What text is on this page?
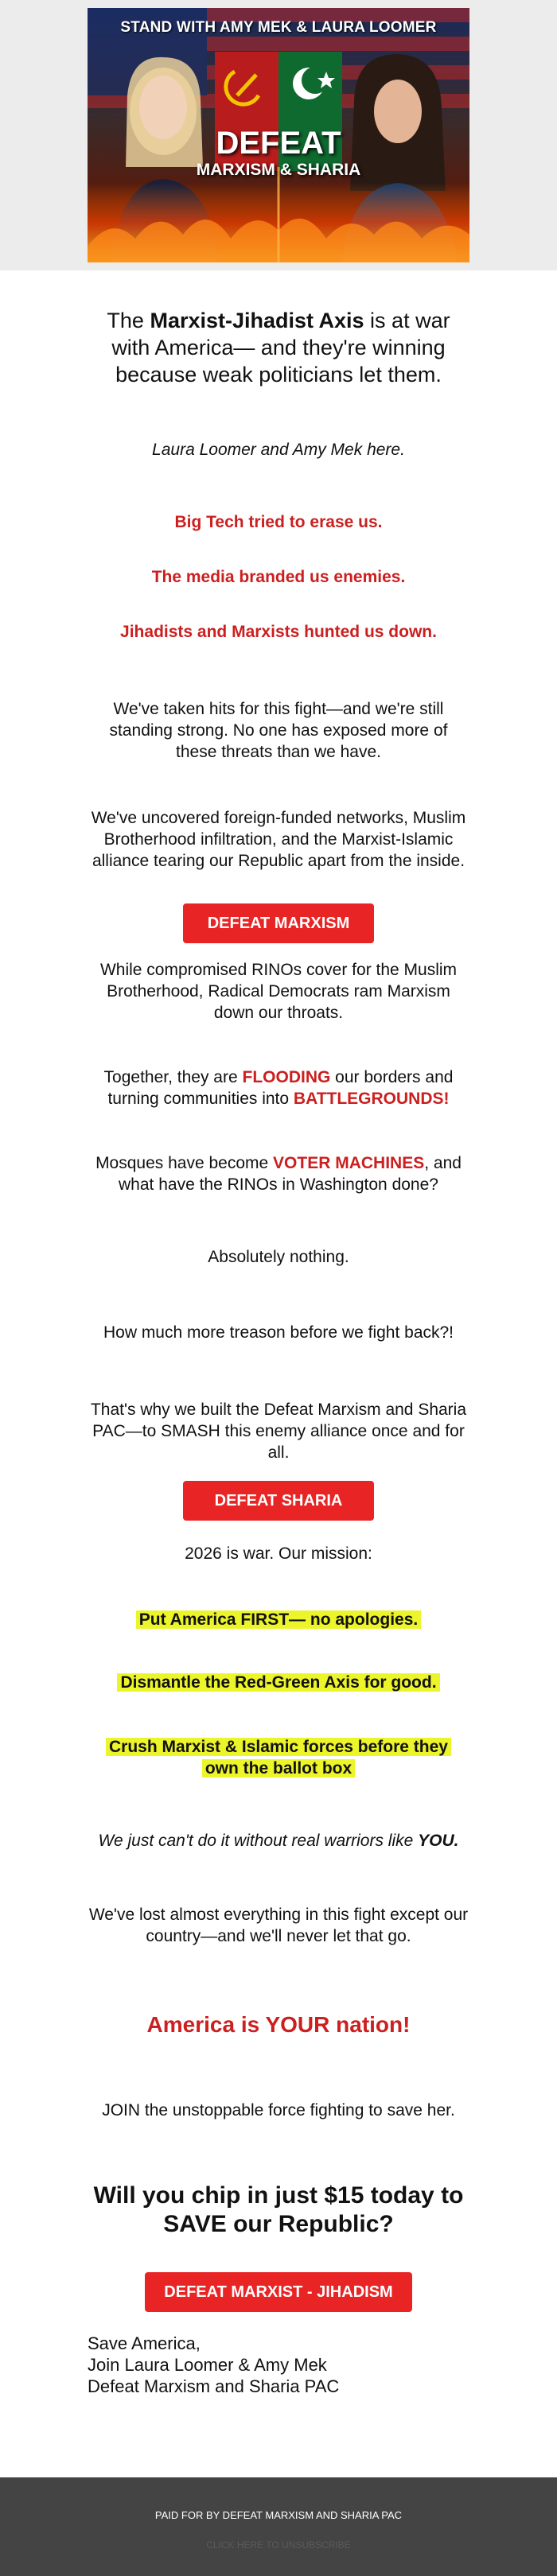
STAND WITH AMY MEK & LAURA LOOMER
DEFEAT
MARXISM & SHARIA
The Marxist-Jihadist Axis is at war with America— and they're winning because weak politicians let them.
Laura Loomer and Amy Mek here.
Big Tech tried to erase us.
The media branded us enemies.
Jihadists and Marxists hunted us down.
We've taken hits for this fight—and we're still standing strong. No one has exposed more of these threats than we have.
We've uncovered foreign-funded networks, Muslim Brotherhood infiltration, and the Marxist-Islamic alliance tearing our Republic apart from the inside.
DEFEAT MARXISM
While compromised RINOs cover for the Muslim Brotherhood, Radical Democrats ram Marxism down our throats.
Together, they are FLOODING our borders and turning communities into BATTLEGROUNDS!
Mosques have become VOTER MACHINES, and what have the RINOs in Washington done?
Absolutely nothing.
How much more treason before we fight back?!
That's why we built the Defeat Marxism and Sharia PAC—to SMASH this enemy alliance once and for all.
DEFEAT SHARIA
2026 is war. Our mission:
Put America FIRST— no apologies.
Dismantle the Red-Green Axis for good.
Crush Marxist & Islamic forces before they own the ballot box
We just can't do it without real warriors like YOU.
We've lost almost everything in this fight except our country—and we'll never let that go.
America is YOUR nation!
JOIN the unstoppable force fighting to save her.
Will you chip in just $15 today to SAVE our Republic?
DEFEAT MARXIST - JIHADISM
Save America,
Join Laura Loomer & Amy Mek
Defeat Marxism and Sharia PAC
PAID FOR BY DEFEAT MARXISM AND SHARIA PAC
CLICK HERE TO UNSUBSCRIBE
